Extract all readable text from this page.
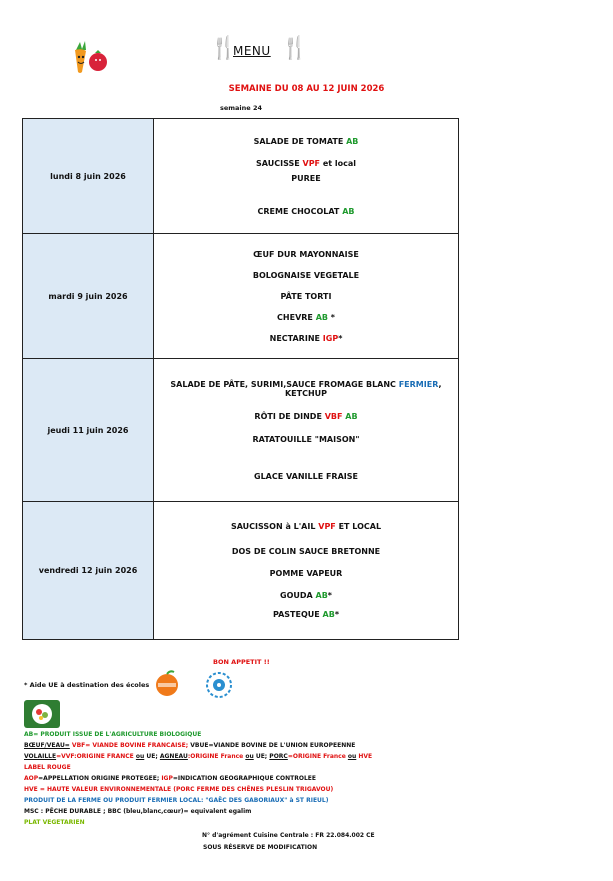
🍴
MENU 🍴
SEMAINE DU 08 AU 12 JUIN 2026
semaine 24
lundi 8 juin 2026	SALADE DE TOMATE AB
SAUCISSE VPF et local
PUREE
CREME CHOCOLAT AB

mardi 9 juin 2026	ŒUF DUR MAYONNAISE
BOLOGNAISE VEGETALE
PÂTE TORTI
CHEVRE AB *
NECTARINE IGP*

jeudi 11 juin 2026	SALADE DE PÂTE, SURIMI,SAUCE FROMAGE BLANC FERMIER, KETCHUP
RÔTI DE DINDE VBF AB
RATATOUILLE "MAISON"
GLACE VANILLE FRAISE

vendredi 12 juin 2026	SAUCISSON à L'AIL VPF ET LOCAL
DOS DE COLIN SAUCE BRETONNE
POMME VAPEUR
GOUDA AB*
PASTEQUE AB*
BON APPETIT !!
* Aide UE à destination des écoles
AB= PRODUIT ISSUE DE L'AGRICULTURE BIOLOGIQUE
BŒUF/VEAU= VBF= VIANDE BOVINE FRANCAISE; VBUE=VIANDE BOVINE DE L'UNION EUROPEENNE
VOLAILLE=VVF:ORIGINE FRANCE ou UE; AGNEAU:ORIGINE France ou UE; PORC=ORIGINE France ou HVE
LABEL ROUGE
AOP=APPELLATION ORIGINE PROTEGEE; IGP=INDICATION GEOGRAPHIQUE CONTROLEE
HVE = HAUTE VALEUR ENVIRONNEMENTALE (PORC FERME DES CHÊNES PLESLIN TRIGAVOU)
PRODUIT DE LA FERME OU PRODUIT FERMIER LOCAL: "GAËC DES GABORIAUX" à ST RIEUL)
MSC : PÊCHE DURABLE ; BBC (bleu,blanc,cœur)= equivalent egalim
PLAT VEGETARIEN
N° d'agrément Cuisine Centrale : FR 22.084.002 CE
SOUS RÉSERVE DE MODIFICATION
